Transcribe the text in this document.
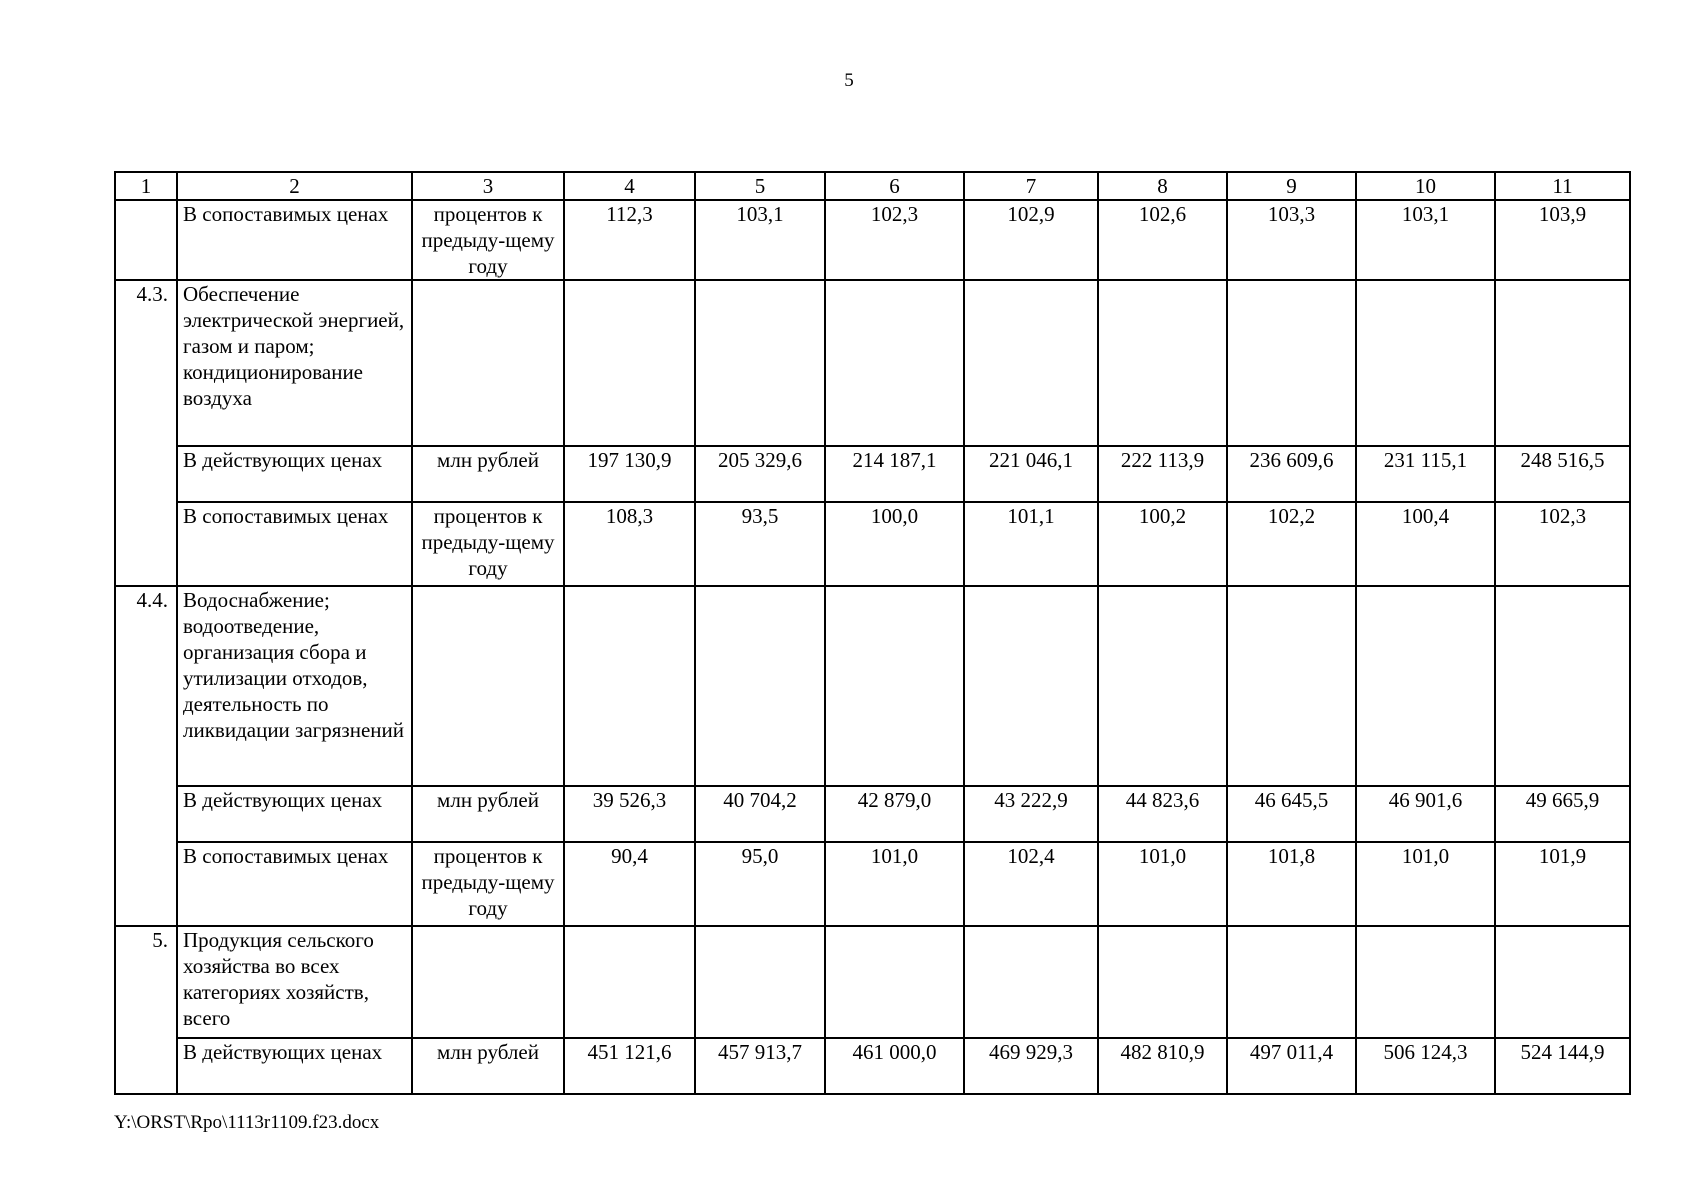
5
1	2	3	4	5	6	7	8	9	10	11
	В сопоставимых ценах	процентов к предыду-щему году	112,3	103,1	102,3	102,9	102,6	103,3	103,1	103,9
4.3.	Обеспечение электрической энергией, газом и паром; кондиционирование воздуха									
	В действующих ценах	млн рублей	197 130,9	205 329,6	214 187,1	221 046,1	222 113,9	236 609,6	231 115,1	248 516,5
	В сопоставимых ценах	процентов к предыду-щему году	108,3	93,5	100,0	101,1	100,2	102,2	100,4	102,3
4.4.	Водоснабжение; водоотведение, организация сбора и утилизации отходов, деятельность по ликвидации загрязнений									
	В действующих ценах	млн рублей	39 526,3	40 704,2	42 879,0	43 222,9	44 823,6	46 645,5	46 901,6	49 665,9
	В сопоставимых ценах	процентов к предыду-щему году	90,4	95,0	101,0	102,4	101,0	101,8	101,0	101,9
5.	Продукция сельского хозяйства во всех категориях хозяйств, всего									
	В действующих ценах	млн рублей	451 121,6	457 913,7	461 000,0	469 929,3	482 810,9	497 011,4	506 124,3	524 144,9
Y:\ORST\Rpo\1113r1109.f23.docx
